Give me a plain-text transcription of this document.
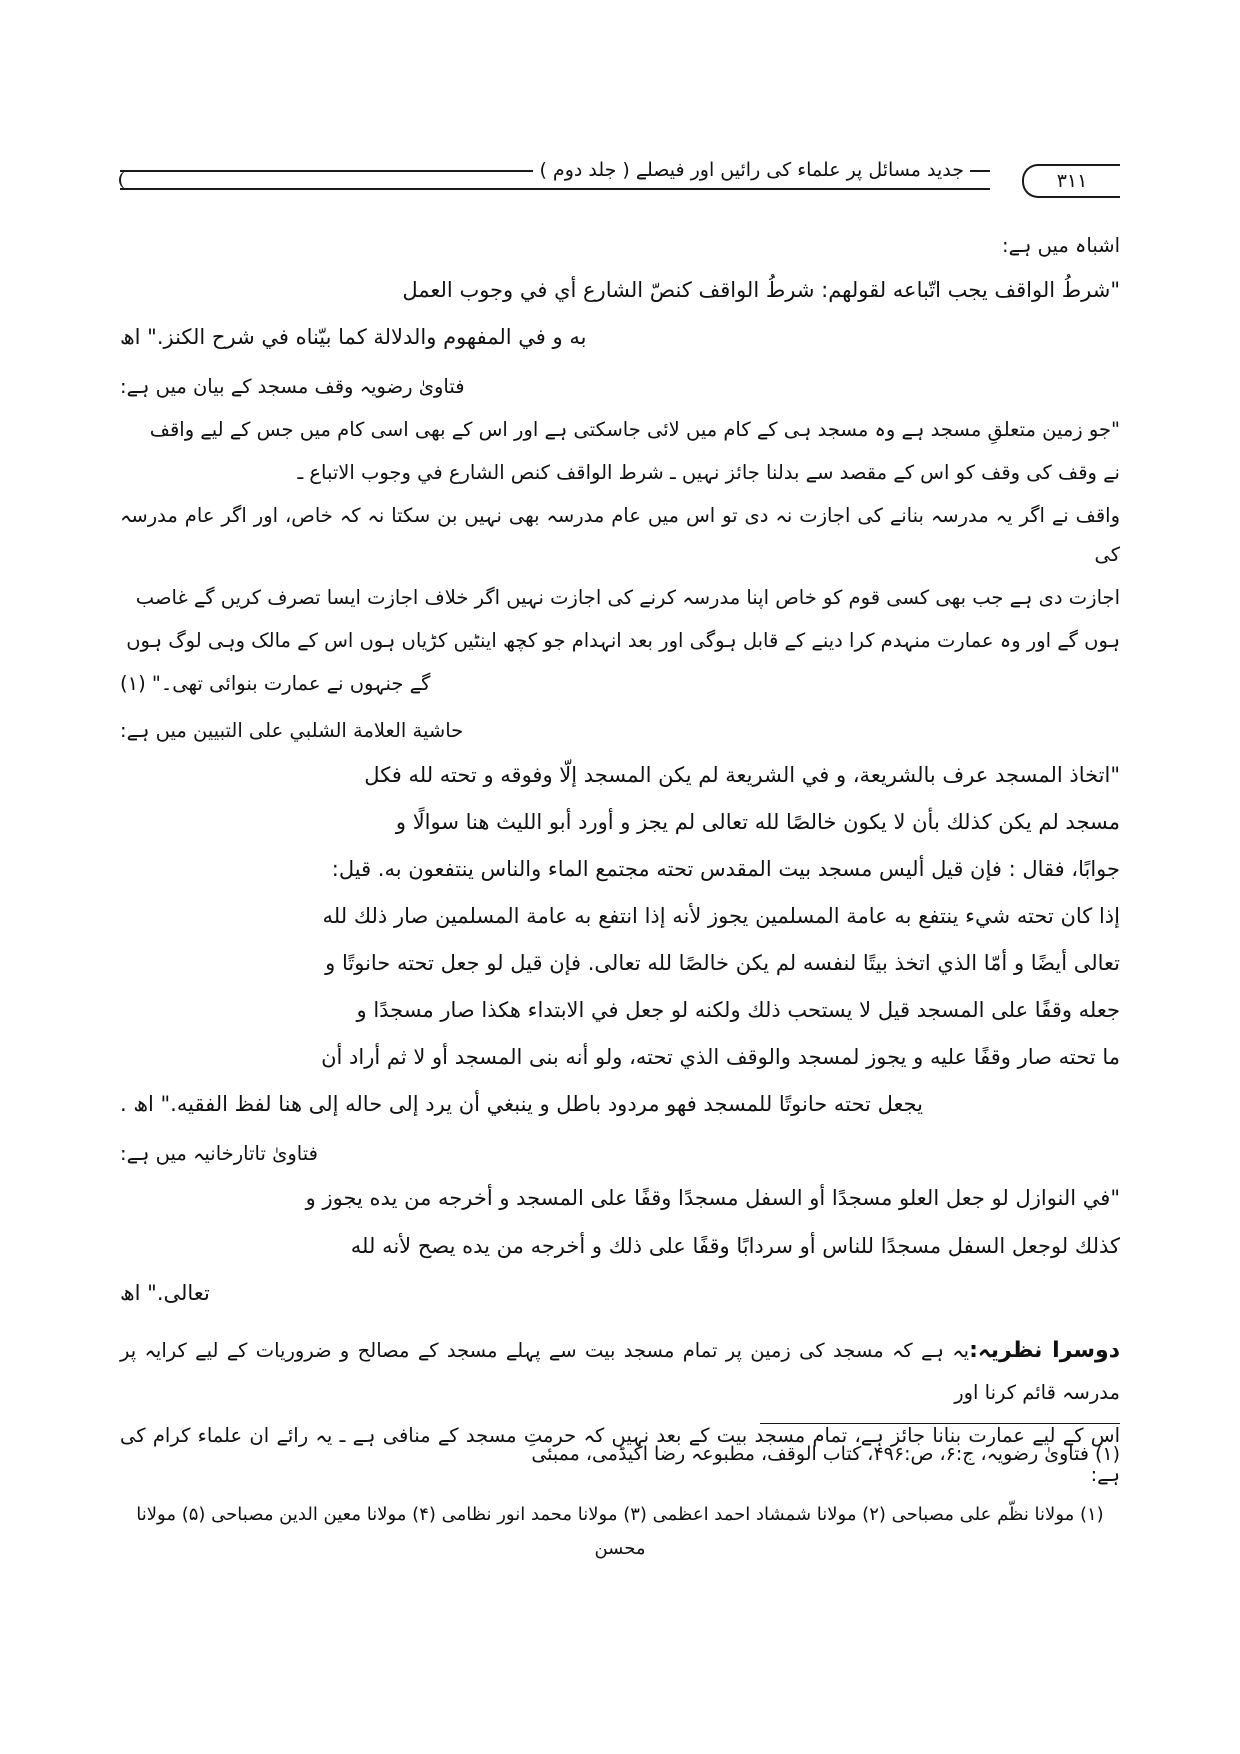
جدید مسائل پر علماء کی رائیں اور فیصلے ( جلد دوم )	۳۱۱

اشباہ میں ہے:

"شرطُ الواقف يجب اتّباعه لقولهم: شرطُ الواقف كنصّ الشارع أي في وجوب العمل

به و في المفهوم والدلالة كما بيّناه في شرح الكنز." اھ

فتاویٰ رضویہ وقف مسجد کے بیان میں ہے:

"جو زمین متعلقِ مسجد ہے وہ مسجد ہی کے کام میں لائی جاسکتی ہے اور اس کے بھی اسی کام میں جس کے لیے واقف

نے وقف کی وقف کو اس کے مقصد سے بدلنا جائز نہیں ـ شرط الواقف كنص الشارع في وجوب الاتباع ـ

واقف نے اگر یہ مدرسہ بنانے کی اجازت نہ دی تو اس میں عام مدرسہ بھی نہیں بن سکتا نہ کہ خاص، اور اگر عام مدرسہ کی

اجازت دی ہے جب بھی کسی قوم کو خاص اپنا مدرسہ کرنے کی اجازت نہیں اگر خلاف اجازت ایسا تصرف کریں گے غاصب

ہوں گے اور وہ عمارت منہدم کرا دینے کے قابل ہوگی اور بعد انہدام جو کچھ اینٹیں کڑیاں ہوں اس کے مالک وہی لوگ ہوں

گے جنہوں نے عمارت بنوائی تھی۔" (۱)

حاشية العلامة الشلبي على التبيين میں ہے:

"اتخاذ المسجد عرف بالشريعة، و في الشريعة لم يكن المسجد إلّا وفوقه و تحته لله فكل

مسجد لم يكن كذلك بأن لا يكون خالصًا لله تعالى لم يجز و أورد أبو الليث هنا سوالًا و

جوابًا، فقال : فإن قيل أليس مسجد بيت المقدس تحته مجتمع الماء والناس ينتفعون به. قيل:

إذا كان تحته شيء ينتفع به عامة المسلمين يجوز لأنه إذا انتفع به عامة المسلمين صار ذلك لله

تعالى أيضًا و أمّا الذي اتخذ بيتًا لنفسه لم يكن خالصًا لله تعالى. فإن قيل لو جعل تحته حانوتًا و

جعله وقفًا على المسجد قيل لا يستحب ذلك ولكنه لو جعل في الابتداء هكذا صار مسجدًا و

ما تحته صار وقفًا عليه و يجوز لمسجد والوقف الذي تحته، ولو أنه بنى المسجد أو لا ثم أراد أن

يجعل تحته حانوتًا للمسجد فهو مردود باطل و ينبغي أن يرد إلى حاله إلى هنا لفظ الفقيه." اھ .

فتاویٰ تاتارخانیہ میں ہے:

"في النوازل لو جعل العلو مسجدًا أو السفل مسجدًا وقفًا على المسجد و أخرجه من يده يجوز و

كذلك لوجعل السفل مسجدًا للناس أو سردابًا وقفًا على ذلك و أخرجه من يده يصح لأنه لله

تعالى." اھ

دوسرا نظریہ:یہ ہے کہ مسجد کی زمین پر تمام مسجد بیت سے پہلے مسجد کے مصالح و ضروریات کے لیے کرایہ پر مدرسہ قائم کرنا اور

اس کے لیے عمارت بنانا جائز ہے، تمام مسجد بیت کے بعد نہیں کہ حرمتِ مسجد کے منافی ہے ـ یہ رائے ان علماء کرام کی ہے:

(۱) مولانا نظّم علی مصباحی (۲) مولانا شمشاد احمد اعظمی (۳) مولانا محمد انور نظامی (۴) مولانا معین الدین مصباحی (۵) مولانا محسن

(۱) فتاویٰ رضویہ، ج:۶، ص:۴۹۶، کتاب الوقف، مطبوعہ رضا اکیڈمی، ممبئی
